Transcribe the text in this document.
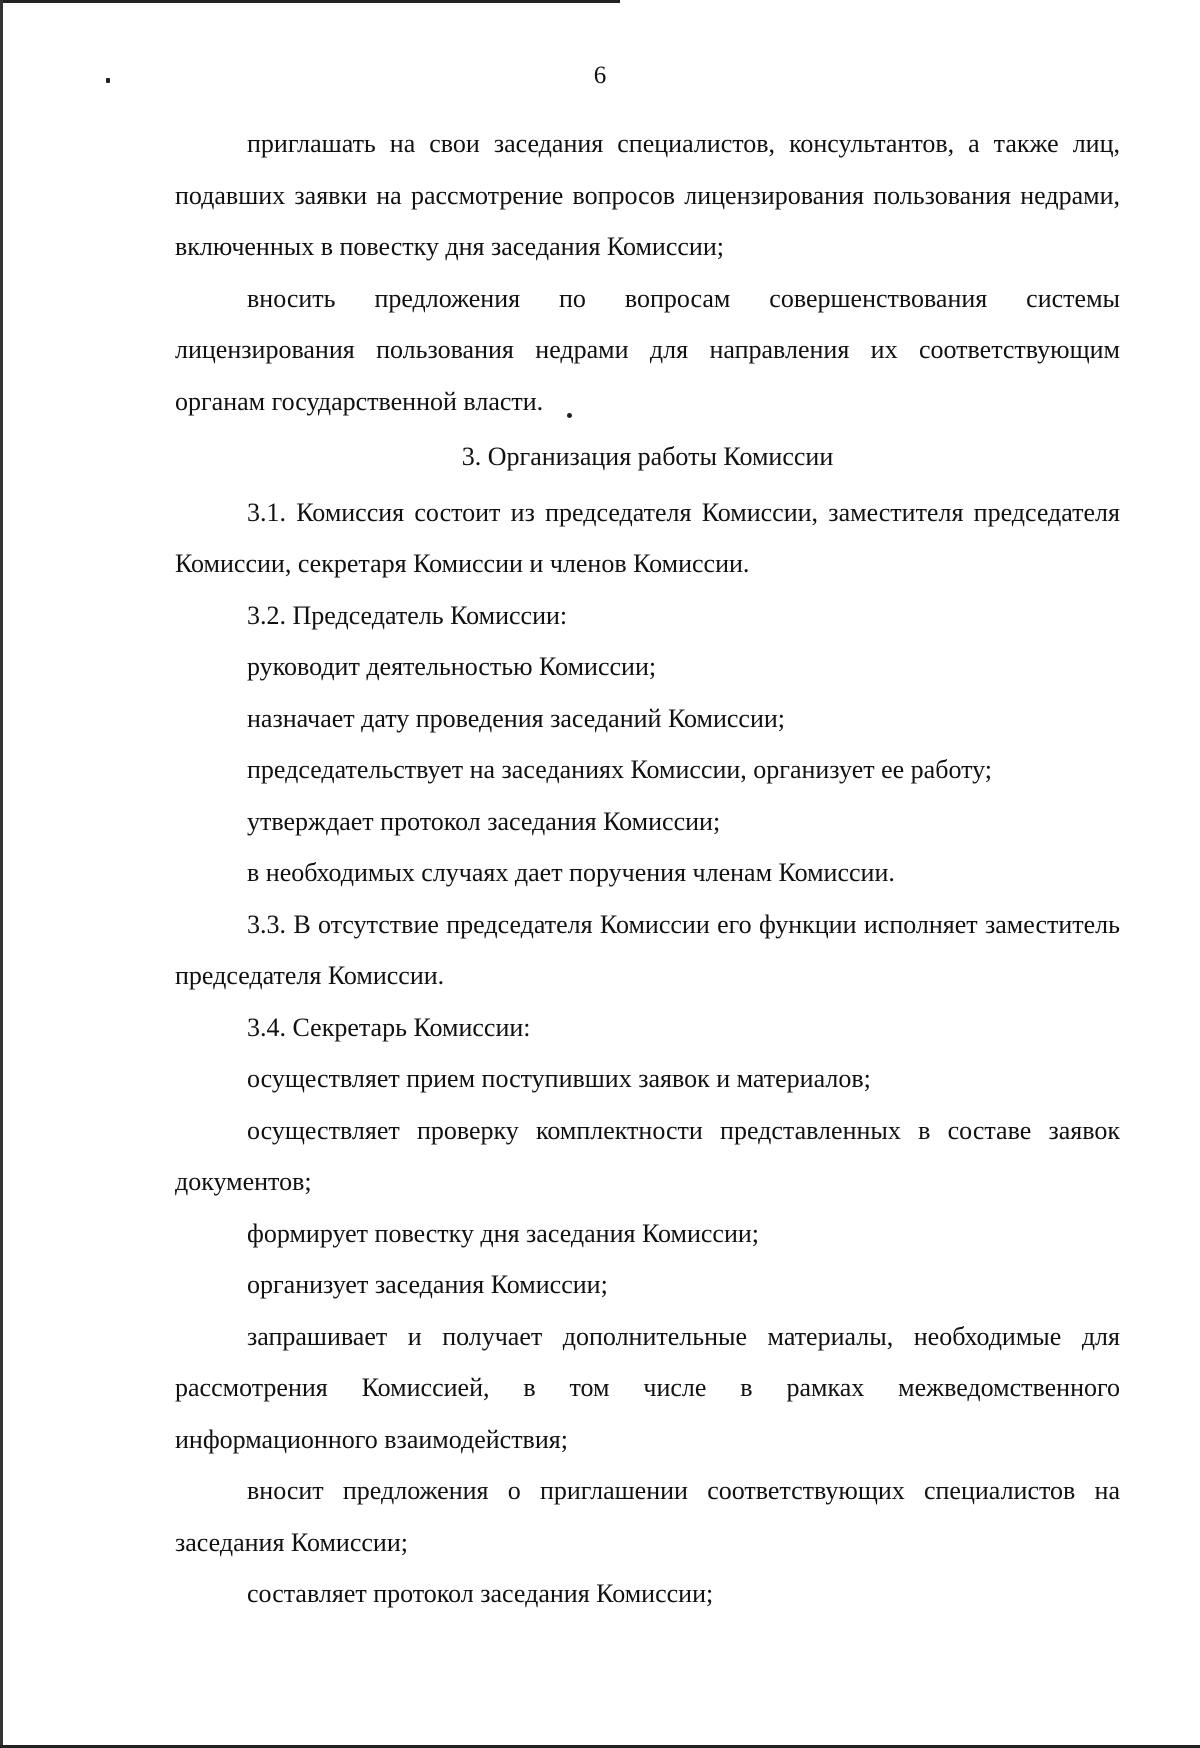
6

приглашать на свои заседания специалистов, консультантов, а также лиц, подавших заявки на рассмотрение вопросов лицензирования пользования недрами, включенных в повестку дня заседания Комиссии;

вносить предложения по вопросам совершенствования системы лицензирования пользования недрами для направления их соответствующим органам государственной власти.

3. Организация работы Комиссии

3.1. Комиссия состоит из председателя Комиссии, заместителя председателя Комиссии, секретаря Комиссии и членов Комиссии.

3.2. Председатель Комиссии:

руководит деятельностью Комиссии;

назначает дату проведения заседаний Комиссии;

председательствует на заседаниях Комиссии, организует ее работу;

утверждает протокол заседания Комиссии;

в необходимых случаях дает поручения членам Комиссии.

3.3. В отсутствие председателя Комиссии его функции исполняет заместитель председателя Комиссии.

3.4. Секретарь Комиссии:

осуществляет прием поступивших заявок и материалов;

осуществляет проверку комплектности представленных в составе заявок документов;

формирует повестку дня заседания Комиссии;

организует заседания Комиссии;

запрашивает и получает дополнительные материалы, необходимые для рассмотрения Комиссией, в том числе в рамках межведомственного информационного взаимодействия;

вносит предложения о приглашении соответствующих специалистов на заседания Комиссии;

составляет протокол заседания Комиссии;
